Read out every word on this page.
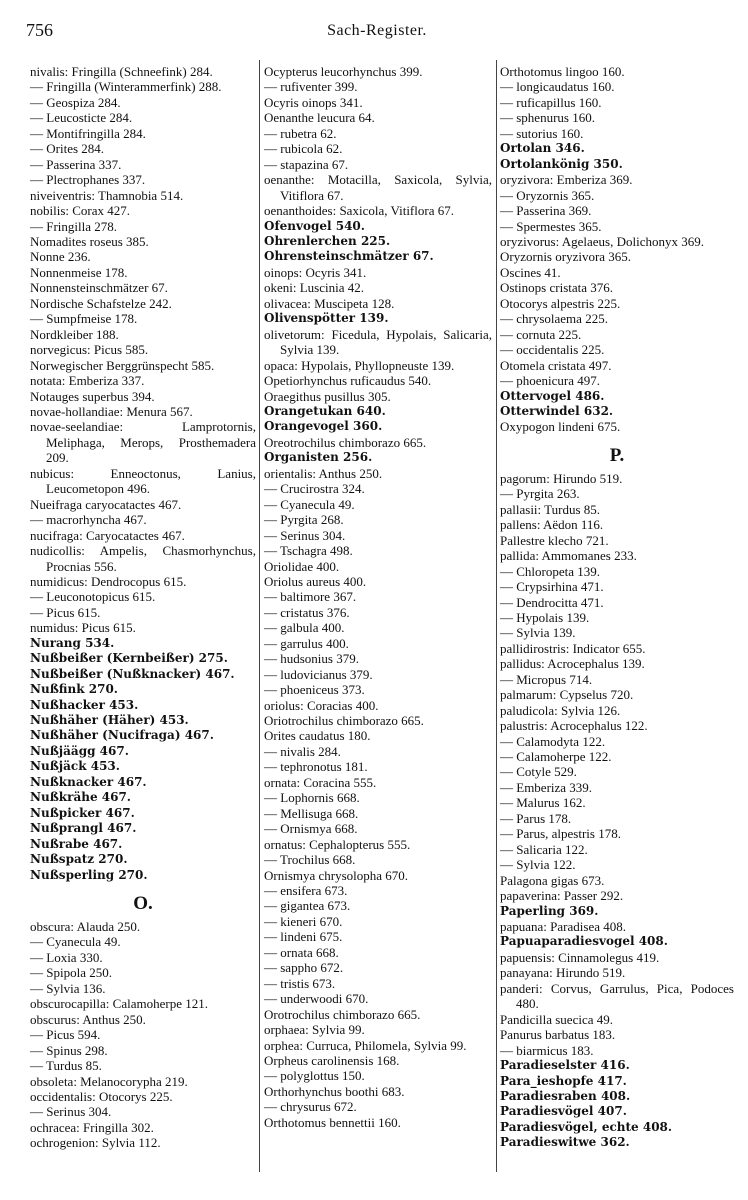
756	Sach-Register.
nivalis: Fringilla (Schneefink) 284.
— Fringilla (Winterammerfink) 288.
— Geospiza 284.
— Leucosticte 284.
— Montifringilla 284.
— Orites 284.
— Passerina 337.
— Plectrophanes 337.
niveiventris: Thamnobia 514.
nobilis: Corax 427.
— Fringilla 278.
Nomadites roseus 385.
Nonne 236.
Nonnenmeise 178.
Nonnensteinschmätzer 67.
Nordische Schafstelze 242.
— Sumpfmeise 178.
Nordkleiber 188.
norvegicus: Picus 585.
Norwegischer Berggrünspecht 585.
notata: Emberiza 337.
Notauges superbus 394.
novae-hollandiae: Menura 567.
novae-seelandiae: Lamprotornis, Meliphaga, Merops, Prosthemadera 209.
nubicus: Enneoctonus, Lanius, Leucometopon 496.
Nueifraga caryocatactes 467.
— macrorhyncha 467.
nucifraga: Caryocatactes 467.
nudicollis: Ampelis, Chasmorhynchus, Procnias 556.
numidicus: Dendrocopus 615.
— Leuconotopicus 615.
— Picus 615.
numidus: Picus 615.
Nurang 534.
Nußbeißer (Kernbeißer) 275.
Nußbeißer (Nußknacker) 467.
Nußfink 270.
Nußhacker 453.
Nußhäher (Häher) 453.
Nußhäher (Nucifraga) 467.
Nußjäägg 467.
Nußjäck 453.
Nußknacker 467.
Nußkrähe 467.
Nußpicker 467.
Nußprangl 467.
Nußrabe 467.
Nußspatz 270.
Nußsperling 270.
O.
obscura: Alauda 250.
— Cyanecula 49.
— Loxia 330.
— Spipola 250.
— Sylvia 136.
obscurocapilla: Calamoherpe 121.
obscurus: Anthus 250.
— Picus 594.
— Spinus 298.
— Turdus 85.
obsoleta: Melanocorypha 219.
occidentalis: Otocorys 225.
— Serinus 304.
ochracea: Fringilla 302.
ochrogenion: Sylvia 112.
Ocypterus leucorhynchus 399.
— rufiventer 399.
Ocyris oinops 341.
Oenanthe leucura 64.
— rubetra 62.
— rubicola 62.
— stapazina 67.
oenanthe: Motacilla, Saxicola, Sylvia, Vitiflora 67.
oenanthoides: Saxicola, Vitiflora 67.
Ofenvogel 540.
Ohrenlerchen 225.
Ohrensteinschmätzer 67.
oinops: Ocyris 341.
okeni: Luscinia 42.
olivacea: Muscipeta 128.
Olivenspötter 139.
olivetorum: Ficedula, Hypolais, Salicaria, Sylvia 139.
opaca: Hypolais, Phyllopneuste 139.
Opetiorhynchus ruficaudus 540.
Oraegithus pusillus 305.
Orangetukan 640.
Orangevogel 360.
Oreotrochilus chimborazo 665.
Organisten 256.
orientalis: Anthus 250.
— Crucirostra 324.
— Cyanecula 49.
— Pyrgita 268.
— Serinus 304.
— Tschagra 498.
Oriolidae 400.
Oriolus aureus 400.
— baltimore 367.
— cristatus 376.
— galbula 400.
— garrulus 400.
— hudsonius 379.
— ludovicianus 379.
— phoeniceus 373.
oriolus: Coracias 400.
Oriotrochilus chimborazo 665.
Orites caudatus 180.
— nivalis 284.
— tephronotus 181.
ornata: Coracina 555.
— Lophornis 668.
— Mellisuga 668.
— Ornismya 668.
ornatus: Cephalopterus 555.
— Trochilus 668.
Ornismya chrysolopha 670.
— ensifera 673.
— gigantea 673.
— kieneri 670.
— lindeni 675.
— ornata 668.
— sappho 672.
— tristis 673.
— underwoodi 670.
Orotrochilus chimborazo 665.
orphaea: Sylvia 99.
orphea: Curruca, Philomela, Sylvia 99.
Orpheus carolinensis 168.
— polyglottus 150.
Orthorhynchus boothi 683.
— chrysurus 672.
Orthotomus bennettii 160.
Orthotomus lingoo 160.
— longicaudatus 160.
— ruficapillus 160.
— sphenurus 160.
— sutorius 160.
Ortolan 346.
Ortolankönig 350.
oryzivora: Emberiza 369.
— Oryzornis 365.
— Passerina 369.
— Spermestes 365.
oryzivorus: Agelaeus, Dolichonyx 369.
Oryzornis oryzivora 365.
Oscines 41.
Ostinops cristata 376.
Otocorys alpestris 225.
— chrysolaema 225.
— cornuta 225.
— occidentalis 225.
Otomela cristata 497.
— phoenicura 497.
Ottervogel 486.
Otterwindel 632.
Oxypogon lindeni 675.
P.
pagorum: Hirundo 519.
— Pyrgita 263.
pallasii: Turdus 85.
pallens: Aëdon 116.
Pallestre klecho 721.
pallida: Ammomanes 233.
— Chloropeta 139.
— Crypsirhina 471.
— Dendrocitta 471.
— Hypolais 139.
— Sylvia 139.
pallidirostris: Indicator 655.
pallidus: Acrocephalus 139.
— Micropus 714.
palmarum: Cypselus 720.
paludicola: Sylvia 126.
palustris: Acrocephalus 122.
— Calamodyta 122.
— Calamoherpe 122.
— Cotyle 529.
— Emberiza 339.
— Malurus 162.
— Parus 178.
— Parus, alpestris 178.
— Salicaria 122.
— Sylvia 122.
Palagona gigas 673.
papaverina: Passer 292.
Paperling 369.
papuana: Paradisea 408.
Papuaparadiesvogel 408.
papuensis: Cinnamolegus 419.
panayana: Hirundo 519.
panderi: Corvus, Garrulus, Pica, Podoces 480.
Pandicilla suecica 49.
Panurus barbatus 183.
— biarmicus 183.
Paradieselster 416.
Para_ieshopfe 417.
Paradiesraben 408.
Paradiesvögel 407.
Paradiesvögel, echte 408.
Paradieswitwe 362.
